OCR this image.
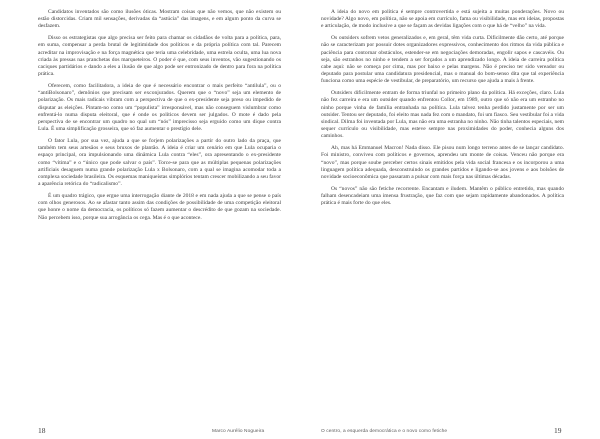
Candidatos inventados são como ilusões óticas. Mostram coisas que não vemos, que não existem ou estão distorcidas. Criam mil sensações, derivadas da “astúcia” das imagens, e em algum ponto da curva se desfazem.

Disso os estrategistas que algo precisa ser feito para chamar os cidadãos de volta para a política, para, em suma, compensar a perda brutal de legitimidade dos políticos e da própria política com tal. Parecem acreditar na improvisação e na força magnética que teria uma celebridade, uma estrela oculta, uma lua nova criada às pressas nas pranchetas dos marqueteiros. O poder é que, com seus inventos, vão sugestionando os caciques partidários e dando a eles a ilusão de que algo pode ser entronizado de dentro para fora na política prática.

Oferecem, como facilitadora, a ideia de que é necessário encontrar o mais perfeito “antilula”, ou o “antiBolsonaro”, demônios que precisam ser exconjurados. Querem que o “novo” seja um elemento de polarização. Os mais radicais vibram com a perspectiva de que o ex-presidente seja preso ou impedido de disputar as eleições. Pintam-no como um “populista” irresponsável, mas não conseguem vislumbrar como enfrentá-lo numa disputa eleitoral, que é onde os políticos devem ser julgados. O mote é dado pela perspectiva de se encontrar um quadro no qual um “nós” imprecisso seja erguido como um dique contra Lula. É uma simplificação grosseira, que só faz aumentar o prestígio dele.

O fator Lula, por sua vez, ajuda a que se forjem polarizações a partir do outro lado da praça, que também tem seus artesãos e seus bruxos de plantão. A ideia é criar um cenário em que Lula ocuparia o espaço principal, ora impulsionando uma dinâmica Lula contra “eles”, ora apresentando o ex-presidente como “vítima” e o “único que pode salvar o país”. Torce-se para que as múltiplas pequenas polarizações artificiais desaguem numa grande polarização Lula x Bolsonaro, com a qual se imagina acomodar toda a complexa sociedade brasileira. Os esquemas maniqueístas simplórios tentam crescer mobilizando a seu favor a aparência retórica do “radicalismo”.

É um quadro trágico, que ergue uma interrogação diante de 2018 e em nada ajuda a que se pense o país com olhos generosos. Ao se afastar tanto assim das condições de possibilidade de uma competição eleitoral que honre o nome da democracia, os políticos só fazem aumentar o descrédito de que gozam na sociedade. Não percebem isso, porque sua arrogância os cega. Mas é o que acontece.

18	Marco Aurélio Nogueira

A ideia do novo em política é sempre controvertida e está sujeita a muitas ponderações. Novo ou novidade? Algo novo, em política, não se apoia em currículo, fama ou visibilidade, mas em ideias, propostas e articulação, de modo inclusive a que se façam as devidas ligações com o que há de “velho” na vida.

Os outsiders sofrem vetos generalizados e, em geral, têm vida curta. Dificilmente dão certo, até porque não se caracterizam por possuir dotes organizadores expressivos, conhecimento dos ritmos da vida pública e paciência para contornar obstáculos, estender-se em negociações demoradas, engolir sapos e cascavéis. Ou seja, são estranhos no ninho e tendem a ser forçados a um aprendizado longo. A ideia de carreira política cabe aqui: não se começa por cima, mas por baixo e pelas margens. Não é preciso ter sido vereador ou deputado para postular uma candidatura presidencial, mas o manual do bom-senso dita que tal experiência funciona como uma espécie de vestibular, de preparatório, um recurso que ajuda a mais à frente.

Outsiders dificilmente entram de forma triunfal no primeiro plano da política. Há exceções, claro. Lula não fez carreira e era um outsider quando enfrentou Collor, em 1989, outro que só não era um estranho no ninho porque vinha de família entranhada na política. Lula talvez tenha perdido justamente por ser um outsider. Tentou ser deputado, foi eleito mas nada fez com o mandato, foi um fiasco. Seu vestibular foi a vida sindical. Dilma foi inventada por Lula, mas não era uma estranha no ninho. Não tinha talentos especiais, nem sequer currículo ou visibilidade, mas esteve sempre nas proximidades do poder, conhecia alguns dos caminhos.

Ah, mas há Emmanuel Macron! Nada disso. Ele pisou num longo terreno antes de se lançar candidato. Foi ministro, conviveu com políticos e governos, aprendeu um monte de coisas. Venceu não porque era “novo”, mas porque soube perceber certos sinais emitidos pela vida social francesa e os incorporou a uma linguagem política adequada, desconstruindo os grandes partidos e ligando-se aos jovens e aos bolsões de novidade socioeconômica que passaram a pulsar com mais força nas últimas décadas.

Os “novos” não são fetiche recorrente. Encantam e iludem. Mantêm o público entretido, mas quando falham desencadeiam uma imensa frustração, que faz com que sejam rapidamente abandonados. A política prática é mais forte do que eles.

O centro, a esquerda democrática e o novo como fetiche	19
